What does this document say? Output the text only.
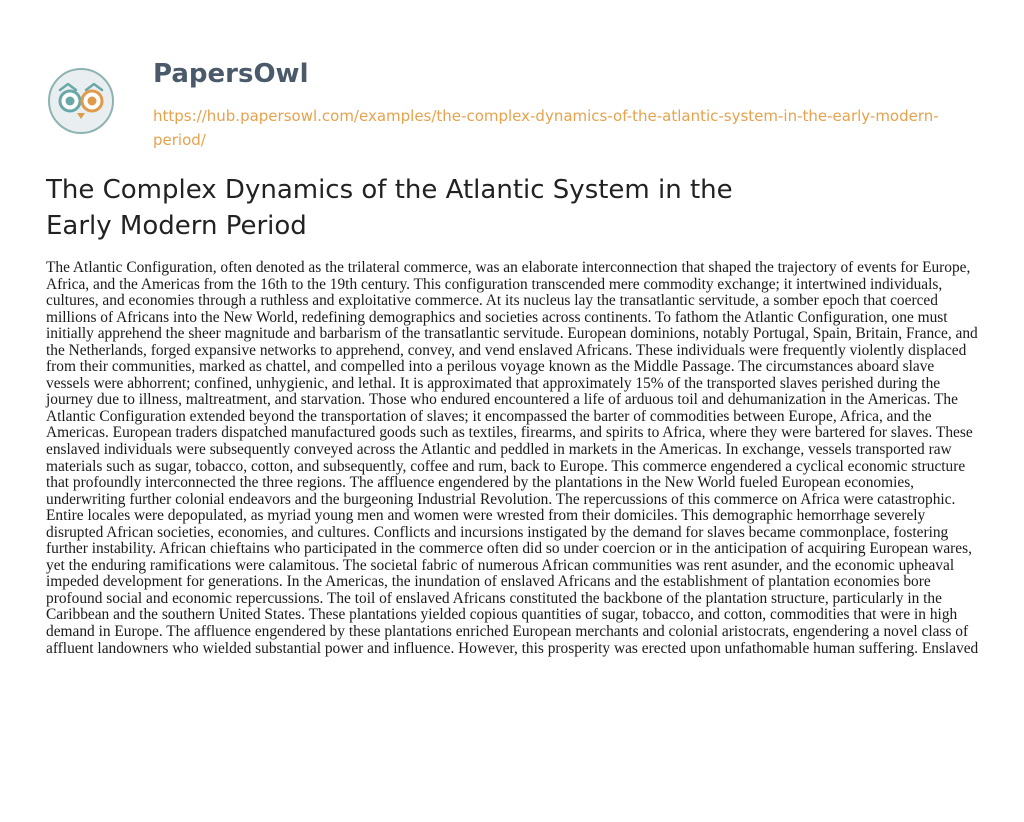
PapersOwl
https://hub.papersowl.com/examples/the-complex-dynamics-of-the-atlantic-system-in-the-early-modern-period/
The Complex Dynamics of the Atlantic System in the Early Modern Period

The Atlantic Configuration, often denoted as the trilateral commerce, was an elaborate interconnection that shaped the trajectory of events for Europe, Africa, and the Americas from the 16th to the 19th century. This configuration transcended mere commodity exchange; it intertwined individuals, cultures, and economies through a ruthless and exploitative commerce. At its nucleus lay the transatlantic servitude, a somber epoch that coerced millions of Africans into the New World, redefining demographics and societies across continents. To fathom the Atlantic Configuration, one must initially apprehend the sheer magnitude and barbarism of the transatlantic servitude. European dominions, notably Portugal, Spain, Britain, France, and the Netherlands, forged expansive networks to apprehend, convey, and vend enslaved Africans. These individuals were frequently violently displaced from their communities, marked as chattel, and compelled into a perilous voyage known as the Middle Passage. The circumstances aboard slave vessels were abhorrent; confined, unhygienic, and lethal. It is approximated that approximately 15% of the transported slaves perished during the journey due to illness, maltreatment, and starvation. Those who endured encountered a life of arduous toil and dehumanization in the Americas. The Atlantic Configuration extended beyond the transportation of slaves; it encompassed the barter of commodities between Europe, Africa, and the Americas. European traders dispatched manufactured goods such as textiles, firearms, and spirits to Africa, where they were bartered for slaves. These enslaved individuals were subsequently conveyed across the Atlantic and peddled in markets in the Americas. In exchange, vessels transported raw materials such as sugar, tobacco, cotton, and subsequently, coffee and rum, back to Europe. This commerce engendered a cyclical economic structure that profoundly interconnected the three regions. The affluence engendered by the plantations in the New World fueled European economies, underwriting further colonial endeavors and the burgeoning Industrial Revolution. The repercussions of this commerce on Africa were catastrophic. Entire locales were depopulated, as myriad young men and women were wrested from their domiciles. This demographic hemorrhage severely disrupted African societies, economies, and cultures. Conflicts and incursions instigated by the demand for slaves became commonplace, fostering further instability. African chieftains who participated in the commerce often did so under coercion or in the anticipation of acquiring European wares, yet the enduring ramifications were calamitous. The societal fabric of numerous African communities was rent asunder, and the economic upheaval impeded development for generations. In the Americas, the inundation of enslaved Africans and the establishment of plantation economies bore profound social and economic repercussions. The toil of enslaved Africans constituted the backbone of the plantation structure, particularly in the Caribbean and the southern United States. These plantations yielded copious quantities of sugar, tobacco, and cotton, commodities that were in high demand in Europe. The affluence engendered by these plantations enriched European merchants and colonial aristocrats, engendering a novel class of affluent landowners who wielded substantial power and influence. However, this prosperity was erected upon unfathomable human suffering. Enslaved
